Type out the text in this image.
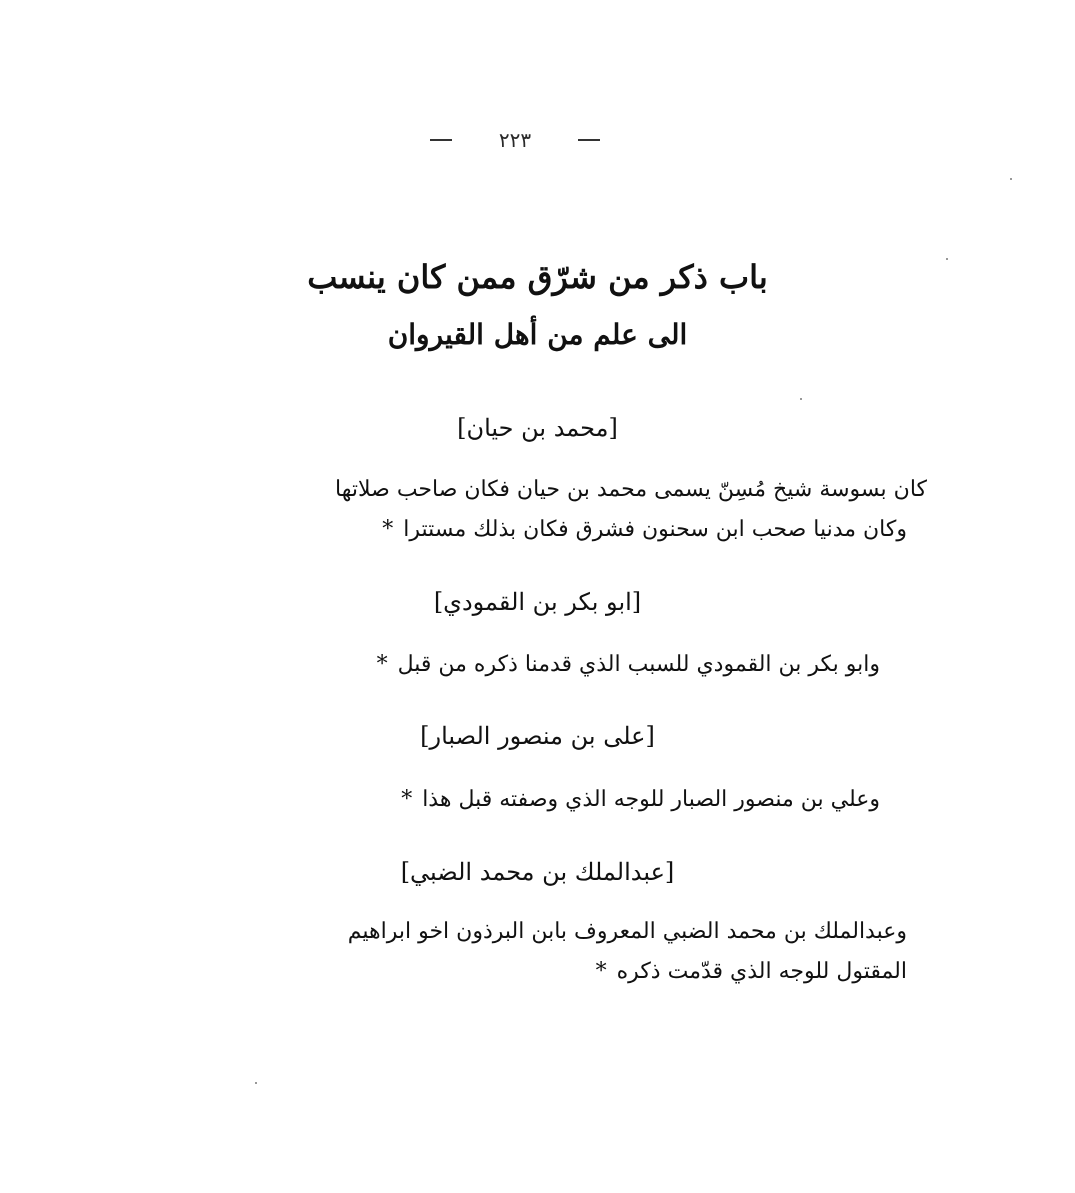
٢٢٣
باب ذكر من شرّق ممن كان ينسب
الى علم من أهل القيروان
[محمد بن حيان]
كان بسوسة شيخ مُسِنّ يسمى محمد بن حيان فكان صاحب صلاتها
وكان مدنيا صحب ابن سحنون فشرق فكان بذلك مستترا*
[ابو بكر بن القمودي]
وابو بكر بن القمودي للسبب الذي قدمنا ذكره من قبل*
[على بن منصور الصبار]
وعلي بن منصور الصبار للوجه الذي وصفته قبل هذا*
[عبدالملك بن محمد الضبي]
وعبدالملك بن محمد الضبي المعروف بابن البرذون اخو ابراهيم
المقتول للوجه الذي قدّمت ذكره*
